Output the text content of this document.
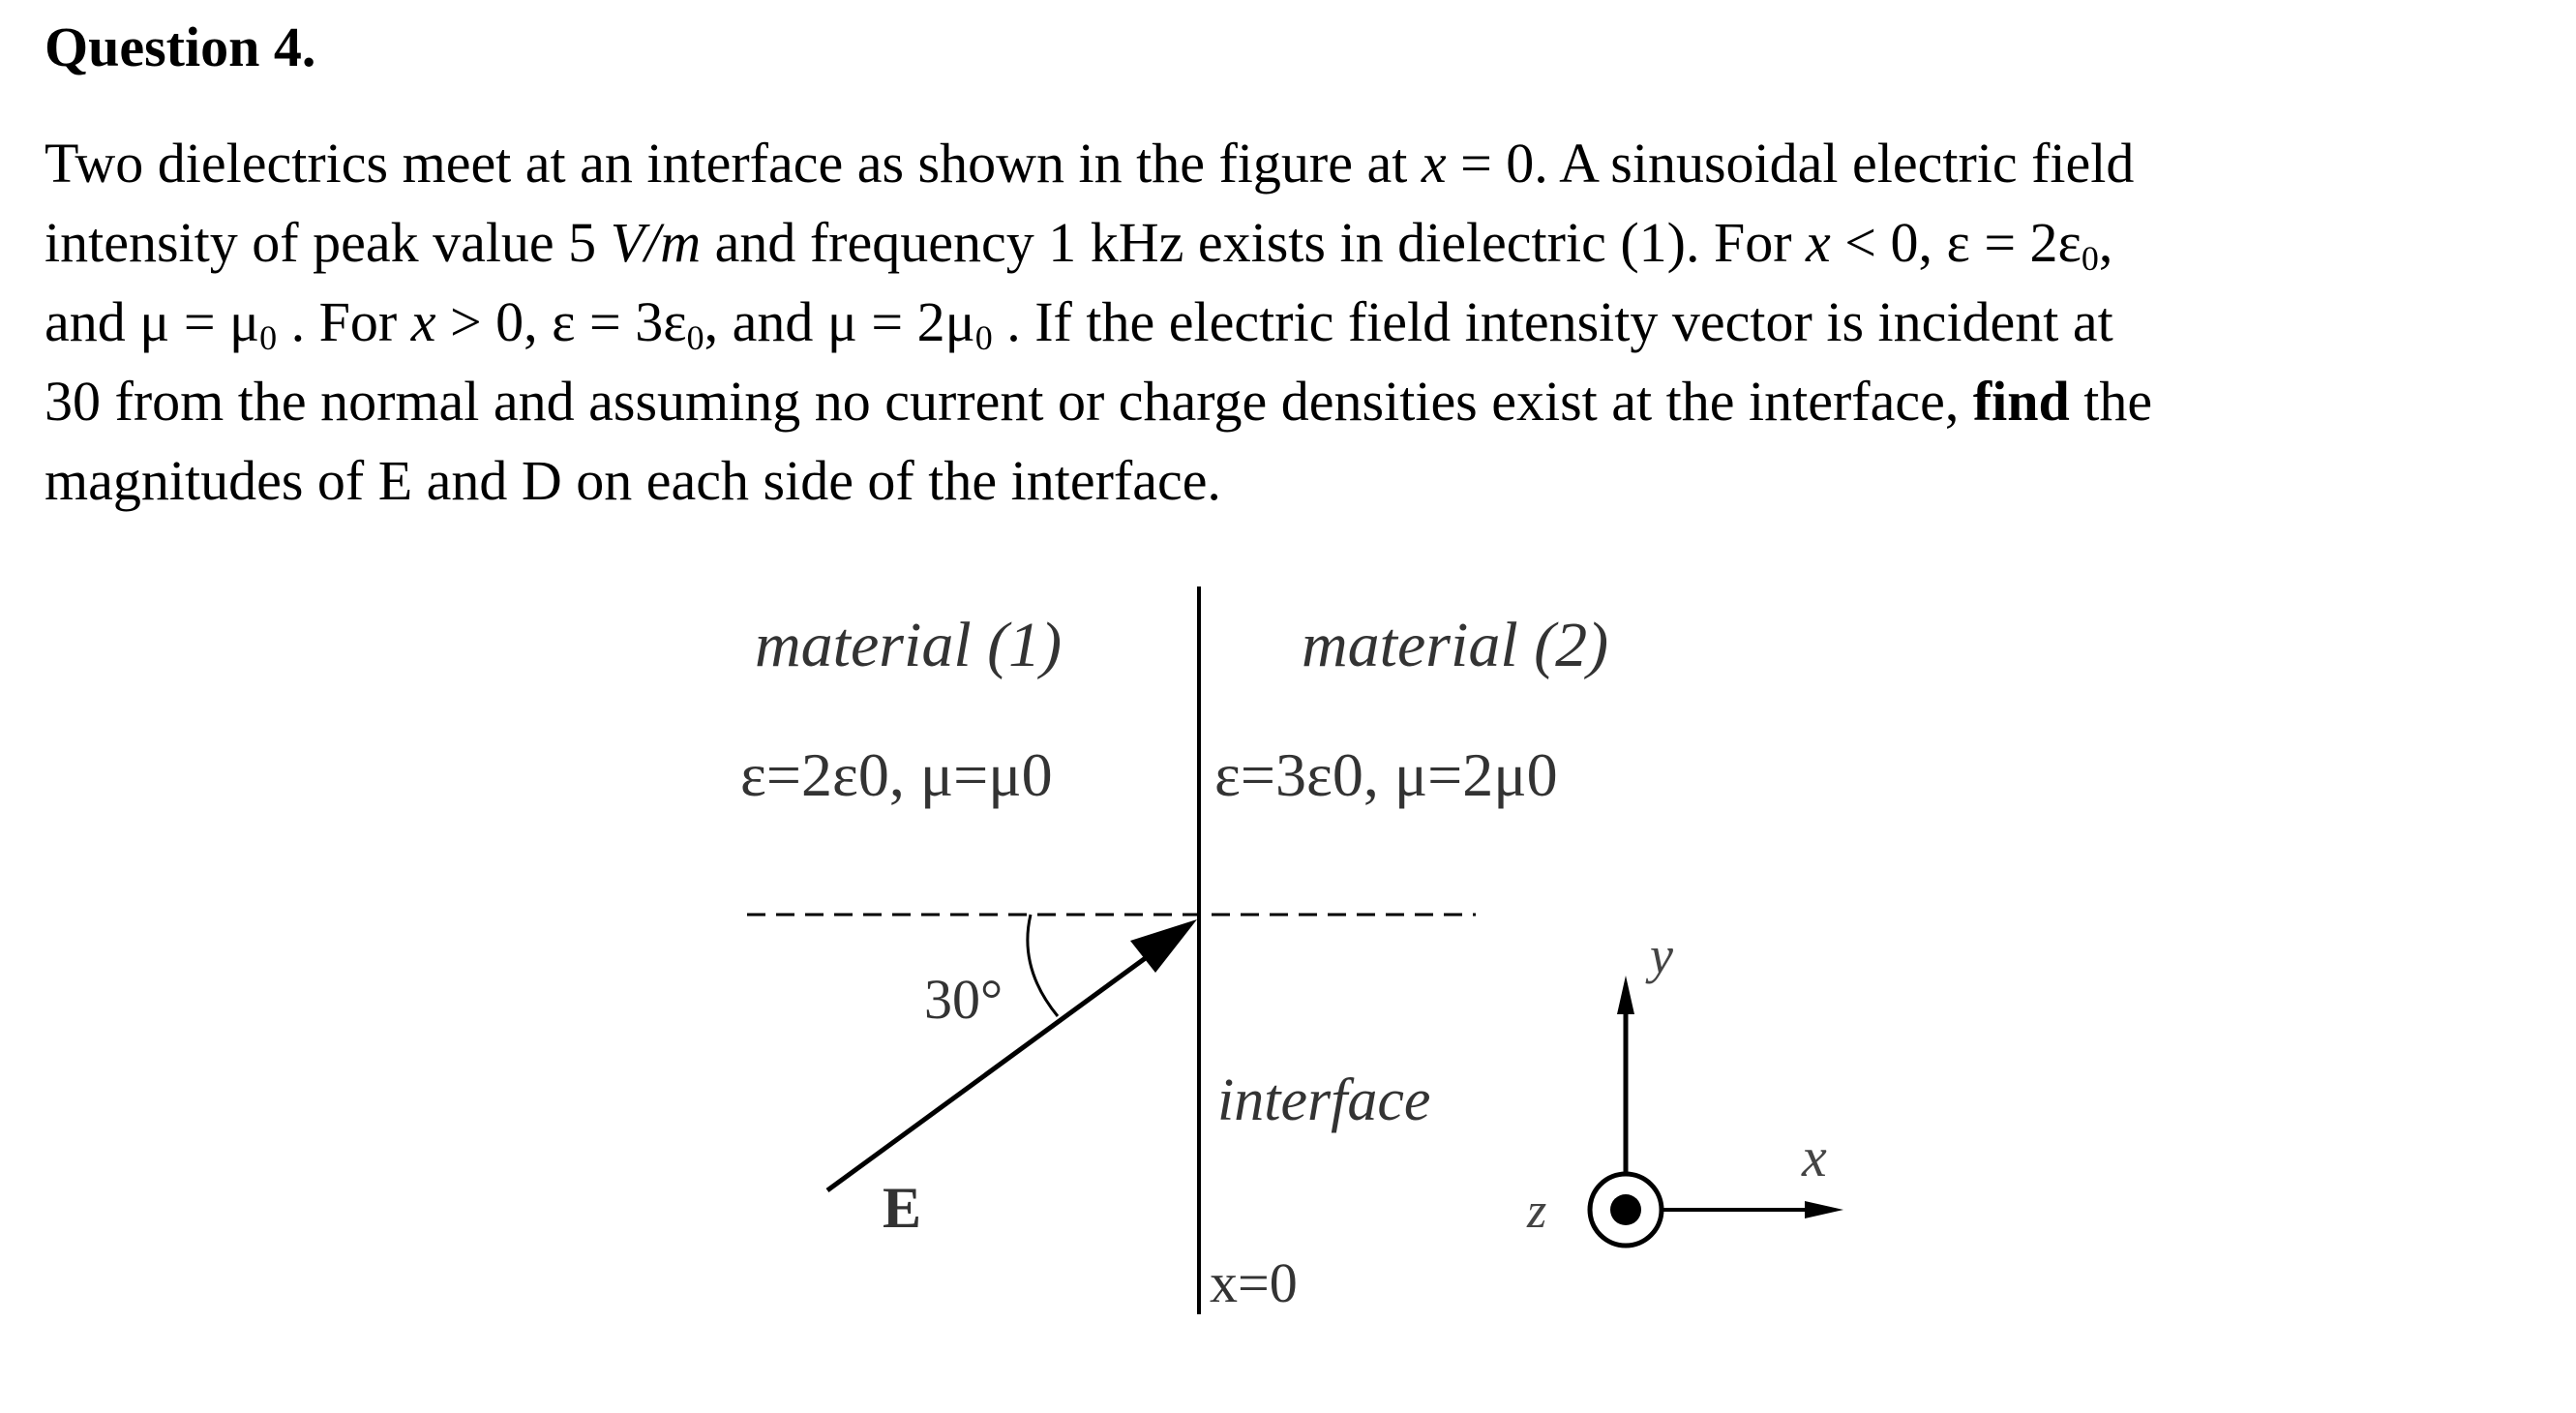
Question 4.
Two dielectrics meet at an interface as shown in the figure at x = 0. A sinusoidal electric field
intensity of peak value 5 V/m and frequency 1 kHz exists in dielectric (1). For x < 0, $\varepsilon = 2\varepsilon_0$,
and $\mu = \mu_0$ . For x > 0, $\varepsilon = 3\varepsilon_0$, and $\mu = 2\mu_0$ . If the electric field intensity vector is incident at
30 from the normal and assuming no current or charge densities exist at the interface, find the
magnitudes of E and D on each side of the interface.
material (1)	material (2)
ε=2ε0, μ=μ0	ε=3ε0, μ=2μ0
30°
E
interface
x=0
y
x
z
